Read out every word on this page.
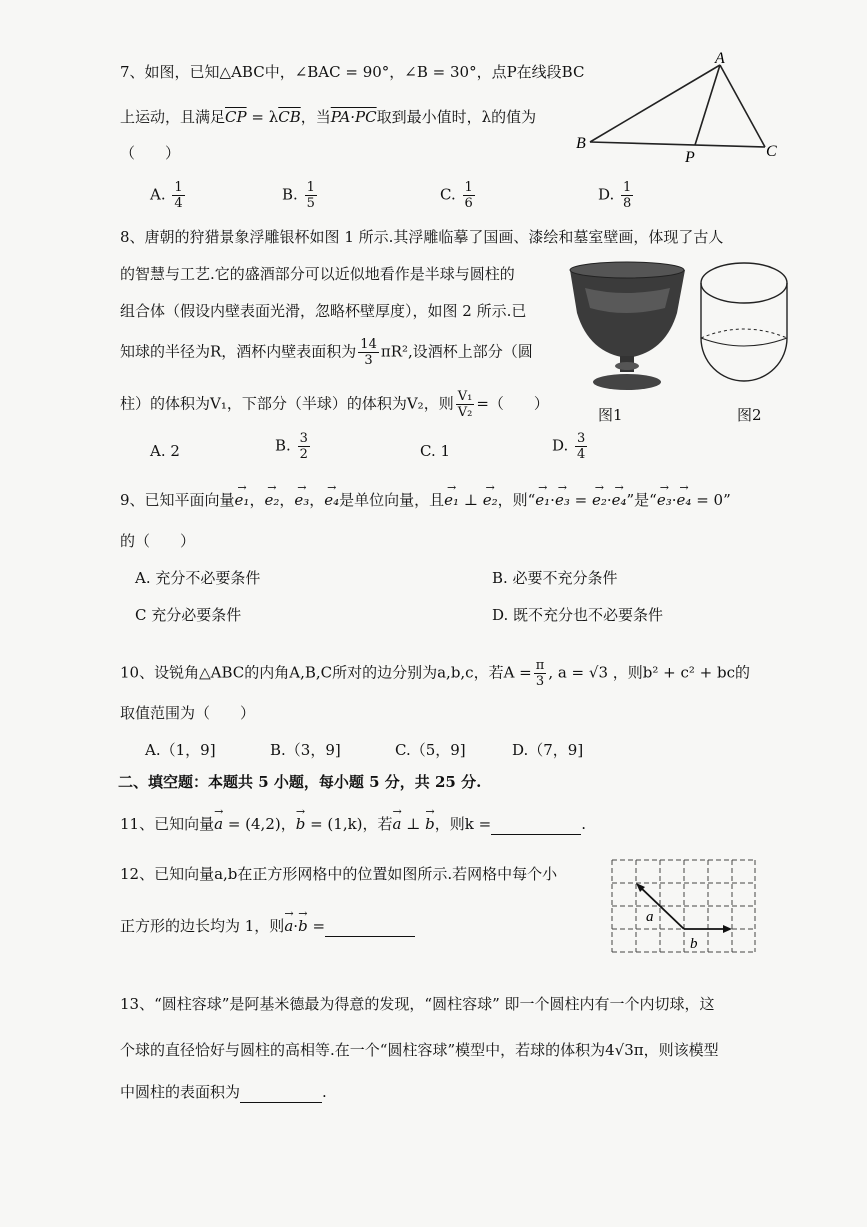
7、如图，已知△ABC中，∠BAC = 90°，∠B = 30°，点P在线段BC
上运动，且满足$\overline{CP} = \lambda\overline{CB}$，当PA·PC取到最小值时，λ的值为
（　　）
A. $\frac{1}{4}$	B. $\frac{1}{5}$	C. $\frac{1}{6}$	D. $\frac{1}{8}$
A
B
P	C
8、唐朝的狩猎景象浮雕银杯如图 1 所示.其浮雕临摹了国画、漆绘和墓室壁画，体现了古人
的智慧与工艺.它的盛酒部分可以近似地看作是半球与圆柱的
组合体（假设内壁表面光滑，忽略杯壁厚度），如图 2 所示.已
知球的半径为R，酒杯内壁表面积为 $\frac{14}{3} \pi R^2$,设酒杯上部分（圆
柱）的体积为V₁，下部分（半球）的体积为V₂，则 $\frac{\text{V₁}}{\text{V₂}}$ =（　　）
图1	图2
A. 2	B. $\frac{3}{2}$	C. 1	D. $\frac{3}{4}$
9、已知平面向量→ e₁，→ e₂，→ e₃，→ e₄是单位向量，且→ e₁ ⊥ → e₂，则“→ e₁·→ e₃ = → e₂·→ e₄”是“→ e₃·→ e₄ = 0”
的（　　）
A. 充分不必要条件	B. 必要不充分条件
C 充分必要条件	D. 既不充分也不必要条件
10、设锐角△ABC的内角A,B,C所对的边分别为a,b,c，若$A = \frac{\pi}{3}$ , a = √3 ，则b² + c² + bc的
取值范围为（　　）
A.（1，9]	B.（3，9]	C.（5，9]	D.（7，9]
二、填空题：本题共 5 小题，每小题 5 分，共 25 分.
11、已知向量→ a = (4,2)，→ b = (1,k)，若→ a ⊥ → b，则k =	.
12、已知向量a,b在正方形网格中的位置如图所示.若网格中每个小
正方形的边长均为 1，则→ a·→ b =	a
b
13、“圆柱容球”是阿基米德最为得意的发现，“圆柱容球” 即一个圆柱内有一个内切球，这
个球的直径恰好与圆柱的高相等.在一个“圆柱容球”模型中，若球的体积为4√3π，则该模型
中圆柱的表面积为	.
